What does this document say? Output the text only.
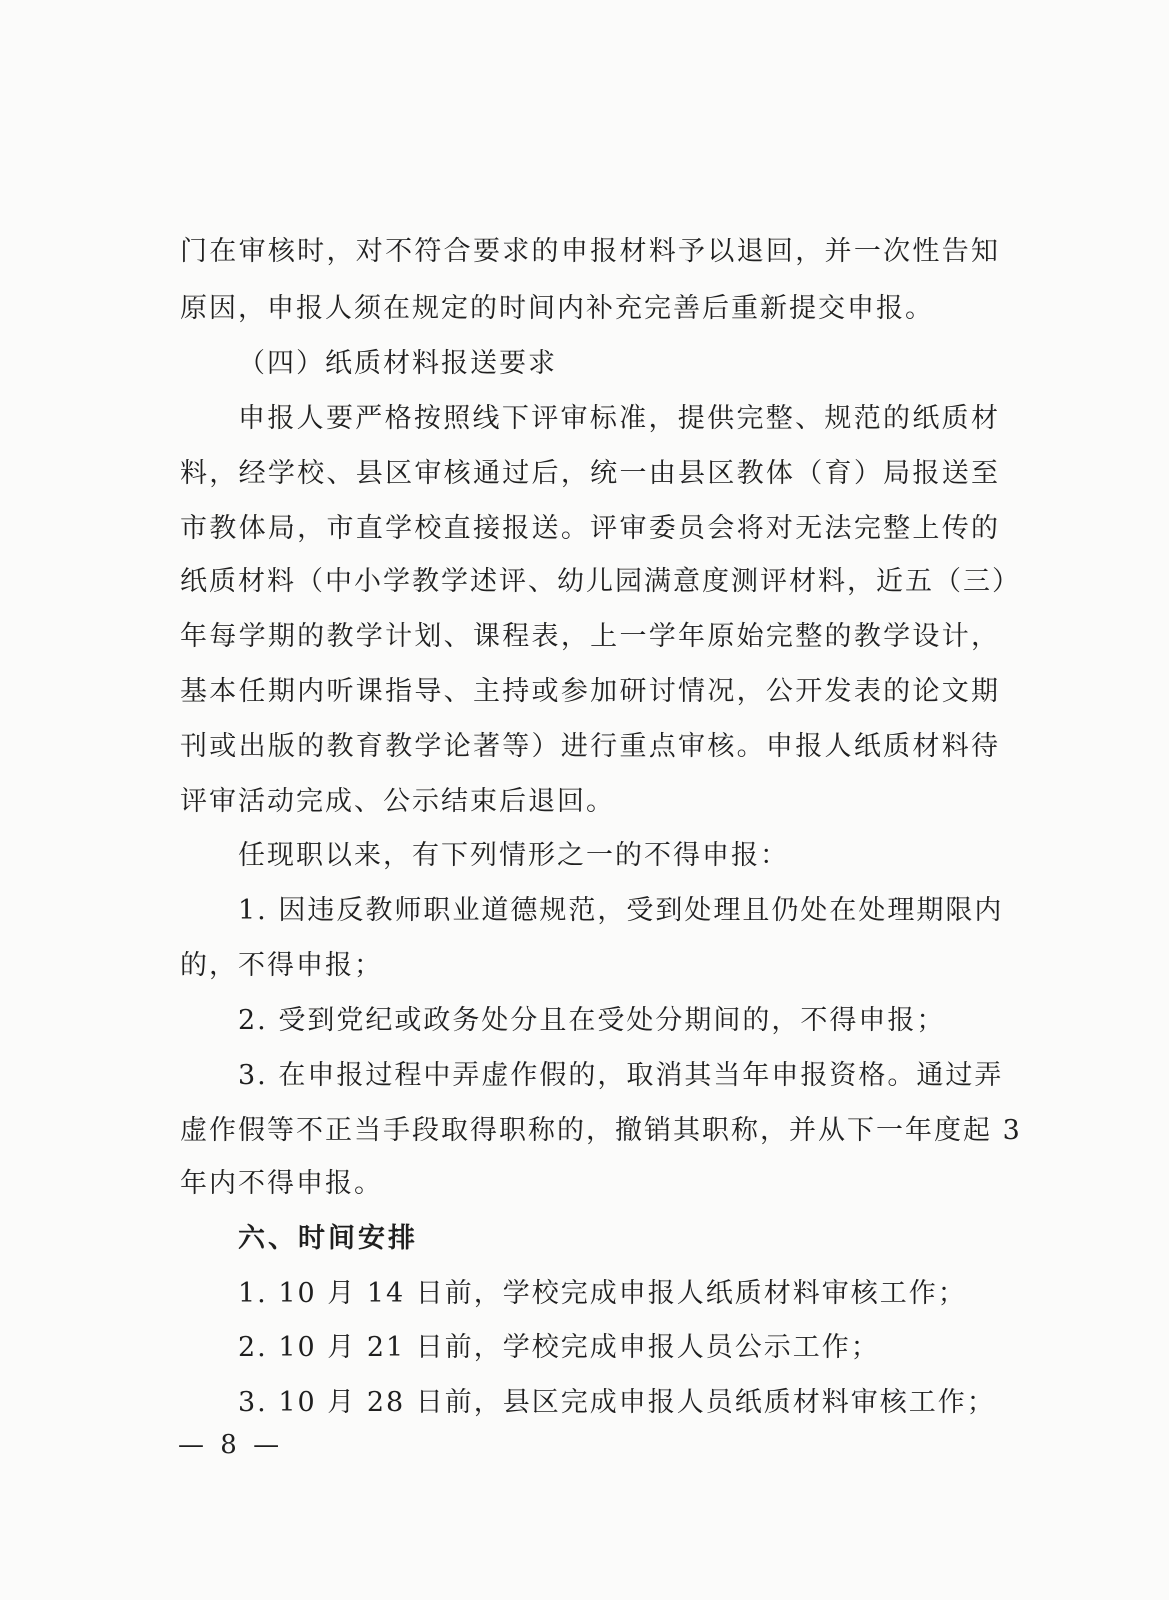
门在审核时，对不符合要求的申报材料予以退回，并一次性告知
原因，申报人须在规定的时间内补充完善后重新提交申报。
（四）纸质材料报送要求
申报人要严格按照线下评审标准，提供完整、规范的纸质材
料，经学校、县区审核通过后，统一由县区教体（育）局报送至
市教体局，市直学校直接报送。评审委员会将对无法完整上传的
纸质材料（中小学教学述评、幼儿园满意度测评材料，近五（三）
年每学期的教学计划、课程表，上一学年原始完整的教学设计，
基本任期内听课指导、主持或参加研讨情况，公开发表的论文期
刊或出版的教育教学论著等）进行重点审核。申报人纸质材料待
评审活动完成、公示结束后退回。
任现职以来，有下列情形之一的不得申报：
1. 因违反教师职业道德规范，受到处理且仍处在处理期限内
的，不得申报；
2. 受到党纪或政务处分且在受处分期间的，不得申报；
3. 在申报过程中弄虚作假的，取消其当年申报资格。通过弄
虚作假等不正当手段取得职称的，撤销其职称，并从下一年度起 3
年内不得申报。
六、时间安排
1. 10 月 14 日前，学校完成申报人纸质材料审核工作；
2. 10 月 21 日前，学校完成申报人员公示工作；
3. 10 月 28 日前，县区完成申报人员纸质材料审核工作；
— 8 —
